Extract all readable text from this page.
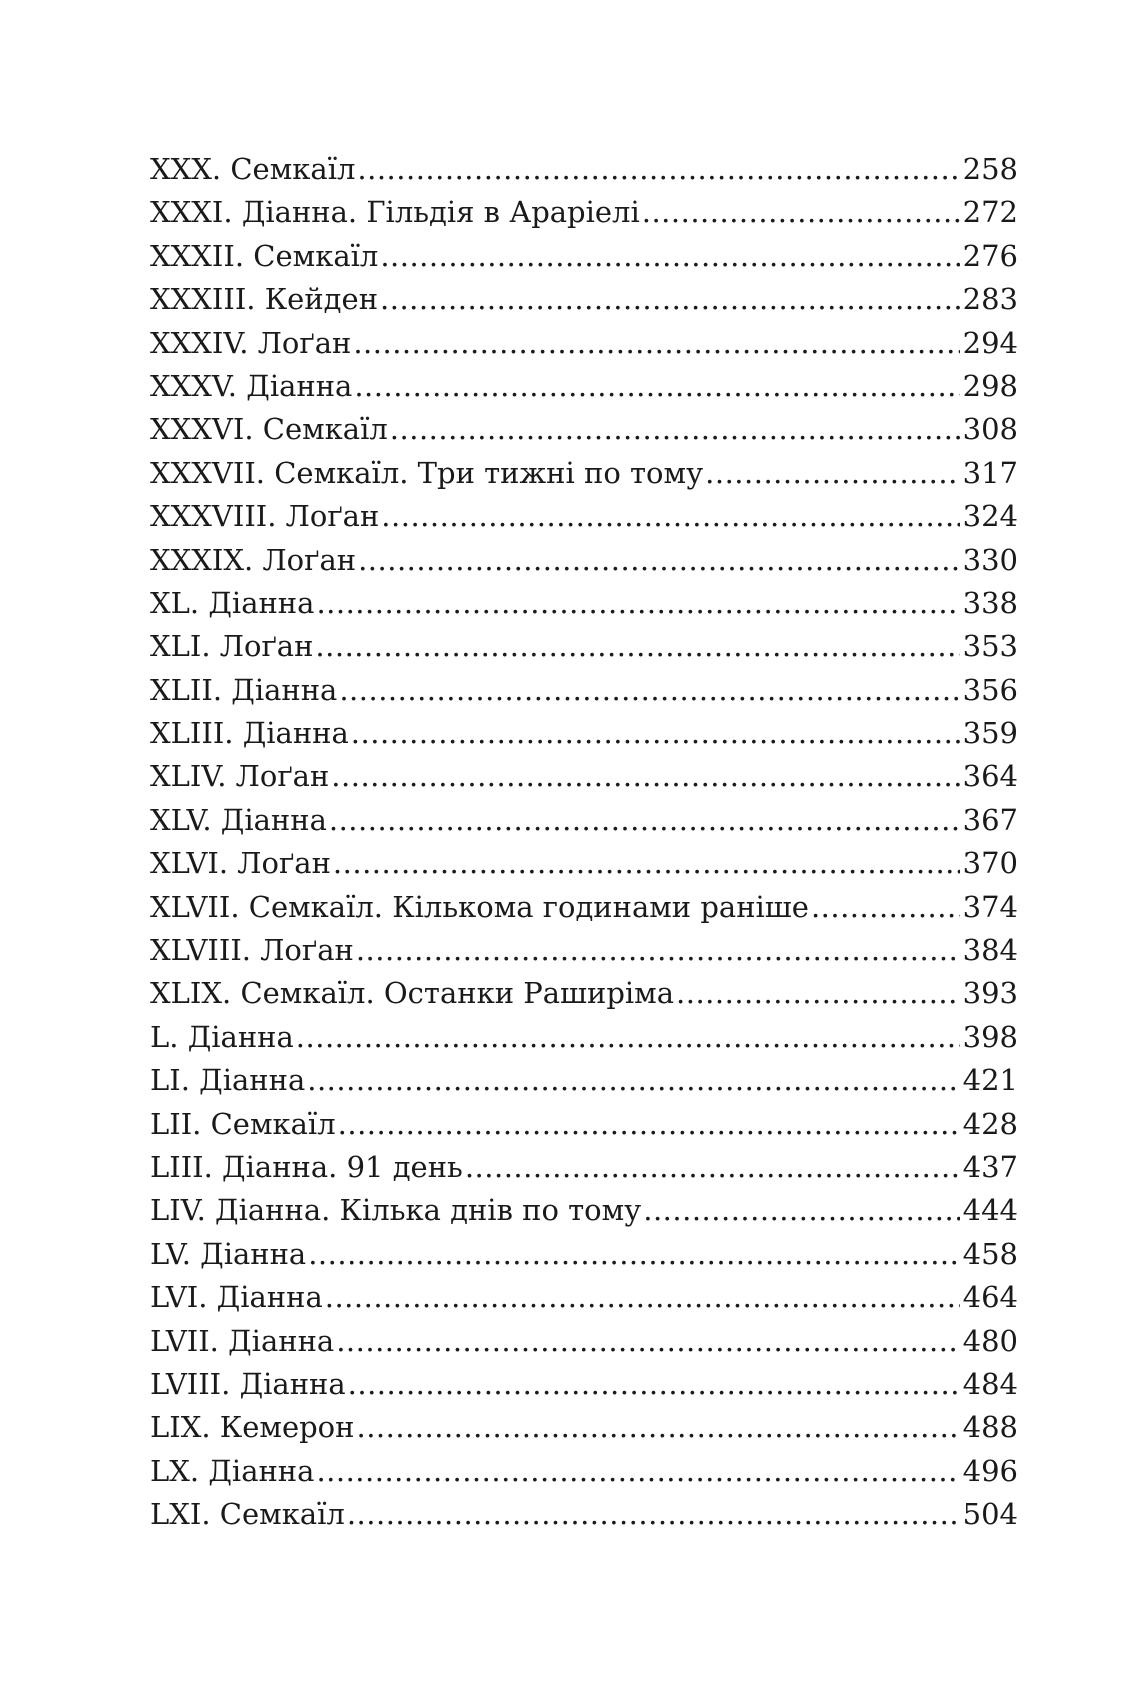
XXX. Семкаїл .....	258
XXXI. Діанна. Гільдія в Араріелі .....	272
XXXII. Семкаїл .....	276
XXXIII. Кейден .....	283
XXXIV. Лоґан .....	294
XXXV. Діанна .....	298
XXXVI. Семкаїл .....	308
XXXVII. Семкаїл. Три тижні по тому .....	317
XXXVIII. Лоґан .....	324
XXXIX. Лоґан .....	330
XL. Діанна .....	338
XLI. Лоґан .....	353
XLII. Діанна .....	356
XLIII. Діанна .....	359
XLIV. Лоґан .....	364
XLV. Діанна .....	367
XLVI. Лоґан .....	370
XLVII. Семкаїл. Кількома годинами раніше .....	374
XLVIII. Лоґан .....	384
XLIX. Семкаїл. Останки Раширіма .....	393
L. Діанна .....	398
LI. Діанна .....	421
LII. Семкаїл .....	428
LIII. Діанна. 91 день .....	437
LIV. Діанна. Кілька днів по тому .....	444
LV. Діанна .....	458
LVI. Діанна .....	464
LVII. Діанна .....	480
LVIII. Діанна .....	484
LIX. Кемерон .....	488
LX. Діанна .....	496
LXI. Семкаїл .....	504
